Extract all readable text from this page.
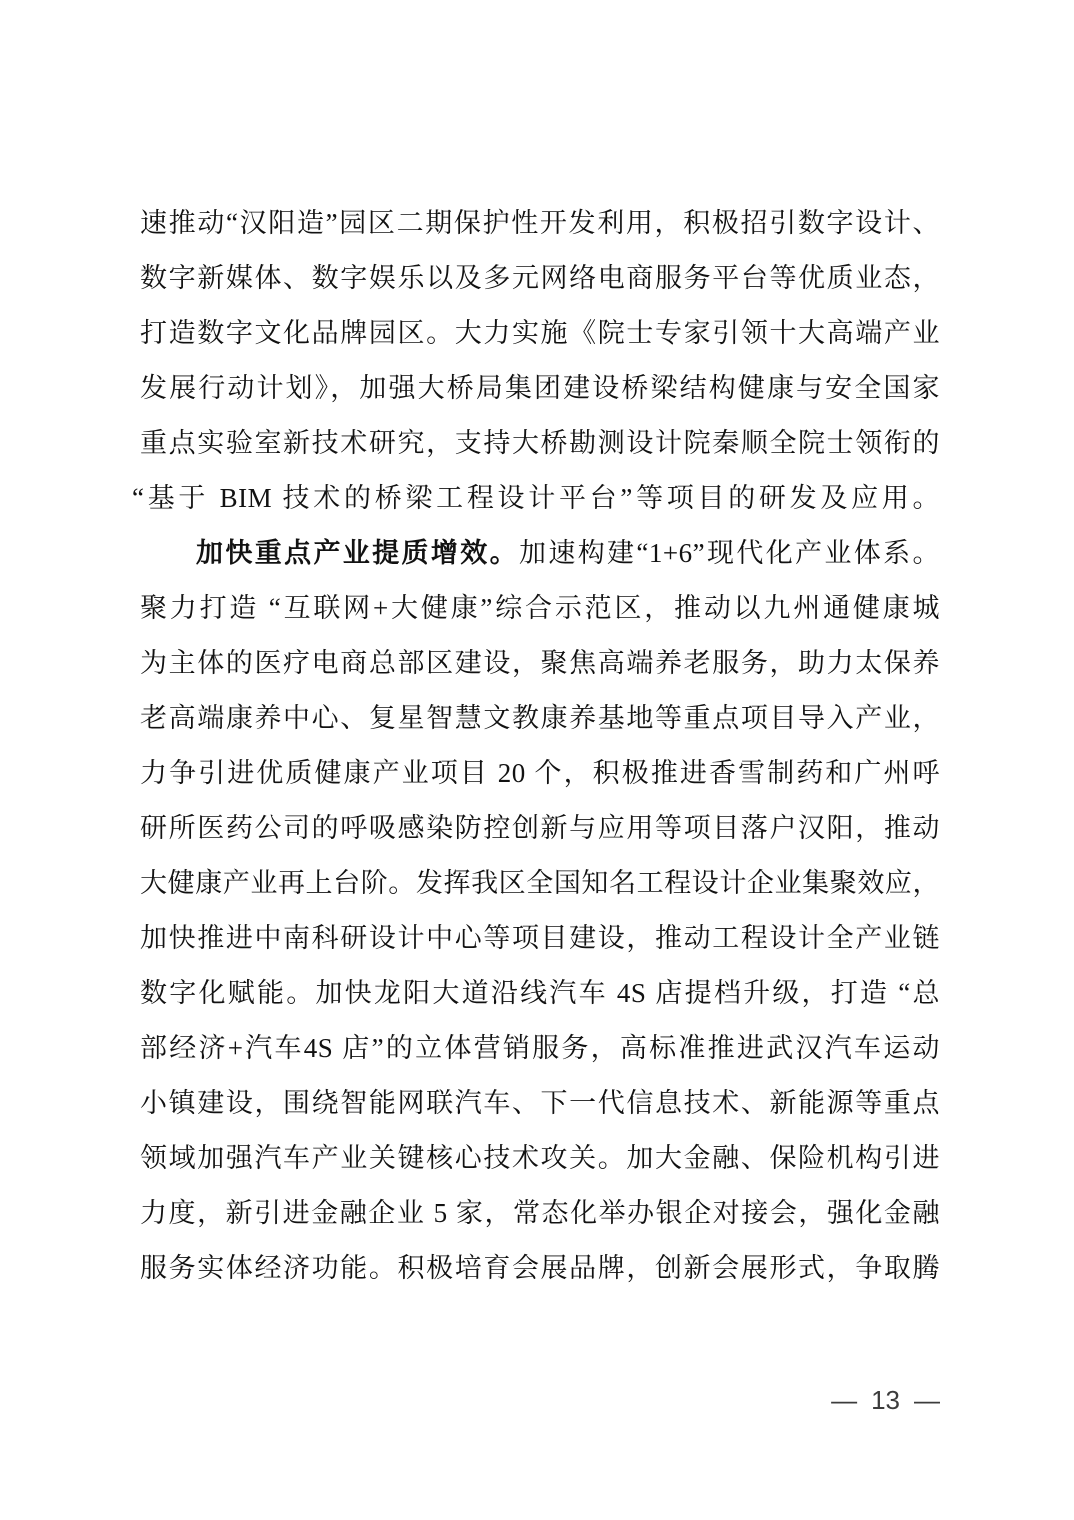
速推动“汉阳造”园区二期保护性开发利用，积极招引数字设计、
数字新媒体、数字娱乐以及多元网络电商服务平台等优质业态，
打造数字文化品牌园区。大力实施《院士专家引领十大高端产业
发展行动计划》，加强大桥局集团建设桥梁结构健康与安全国家
重点实验室新技术研究，支持大桥勘测设计院秦顺全院士领衔的
“基于 BIM 技术的桥梁工程设计平台”等项目的研发及应用。
加快重点产业提质增效。加速构建“1+6”现代化产业体系。
聚力打造 “互联网+大健康”综合示范区，推动以九州通健康城
为主体的医疗电商总部区建设，聚焦高端养老服务，助力太保养
老高端康养中心、复星智慧文教康养基地等重点项目导入产业，
力争引进优质健康产业项目 20 个，积极推进香雪制药和广州呼
研所医药公司的呼吸感染防控创新与应用等项目落户汉阳，推动
大健康产业再上台阶。发挥我区全国知名工程设计企业集聚效应，
加快推进中南科研设计中心等项目建设，推动工程设计全产业链
数字化赋能。加快龙阳大道沿线汽车 4S 店提档升级，打造 “总
部经济+汽车4S 店”的立体营销服务，高标准推进武汉汽车运动
小镇建设，围绕智能网联汽车、下一代信息技术、新能源等重点
领域加强汽车产业关键核心技术攻关。加大金融、保险机构引进
力度，新引进金融企业 5 家，常态化举办银企对接会，强化金融
服务实体经济功能。积极培育会展品牌，创新会展形式，争取腾
— 13 —
